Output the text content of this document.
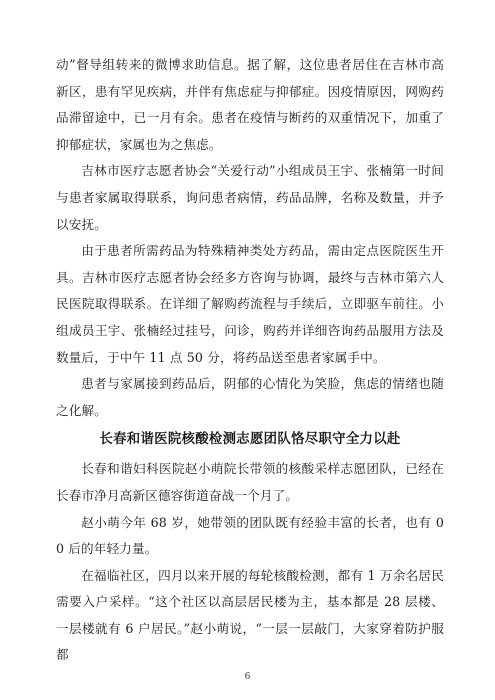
动”督导组转来的微博求助信息。据了解，这位患者居住在吉林市高新区，患有罕见疾病，并伴有焦虑症与抑郁症。因疫情原因，网购药品滞留途中，已一月有余。患者在疫情与断药的双重情况下，加重了抑郁症状，家属也为之焦虑。

吉林市医疗志愿者协会“关爱行动”小组成员王宇、张楠第一时间与患者家属取得联系，询问患者病情，药品品牌，名称及数量，并予以安抚。

由于患者所需药品为特殊精神类处方药品，需由定点医院医生开具。吉林市医疗志愿者协会经多方咨询与协调，最终与吉林市第六人民医院取得联系。在详细了解购药流程与手续后，立即驱车前往。小组成员王宇、张楠经过挂号，问诊，购药并详细咨询药品服用方法及数量后，于中午 11 点 50 分，将药品送至患者家属手中。

患者与家属接到药品后，阴郁的心情化为笑脸，焦虑的情绪也随之化解。

长春和谐医院核酸检测志愿团队恪尽职守全力以赴

长春和谐妇科医院赵小萌院长带领的核酸采样志愿团队，已经在长春市净月高新区德容街道奋战一个月了。

赵小萌今年 68 岁，她带领的团队既有经验丰富的长者，也有 00 后的年轻力量。

在福临社区，四月以来开展的每轮核酸检测，都有 1 万余名居民需要入户采样。“这个社区以高层居民楼为主，基本都是 28 层楼、一层楼就有 6 户居民。”赵小萌说，“一层一层敲门，大家穿着防护服都

6
